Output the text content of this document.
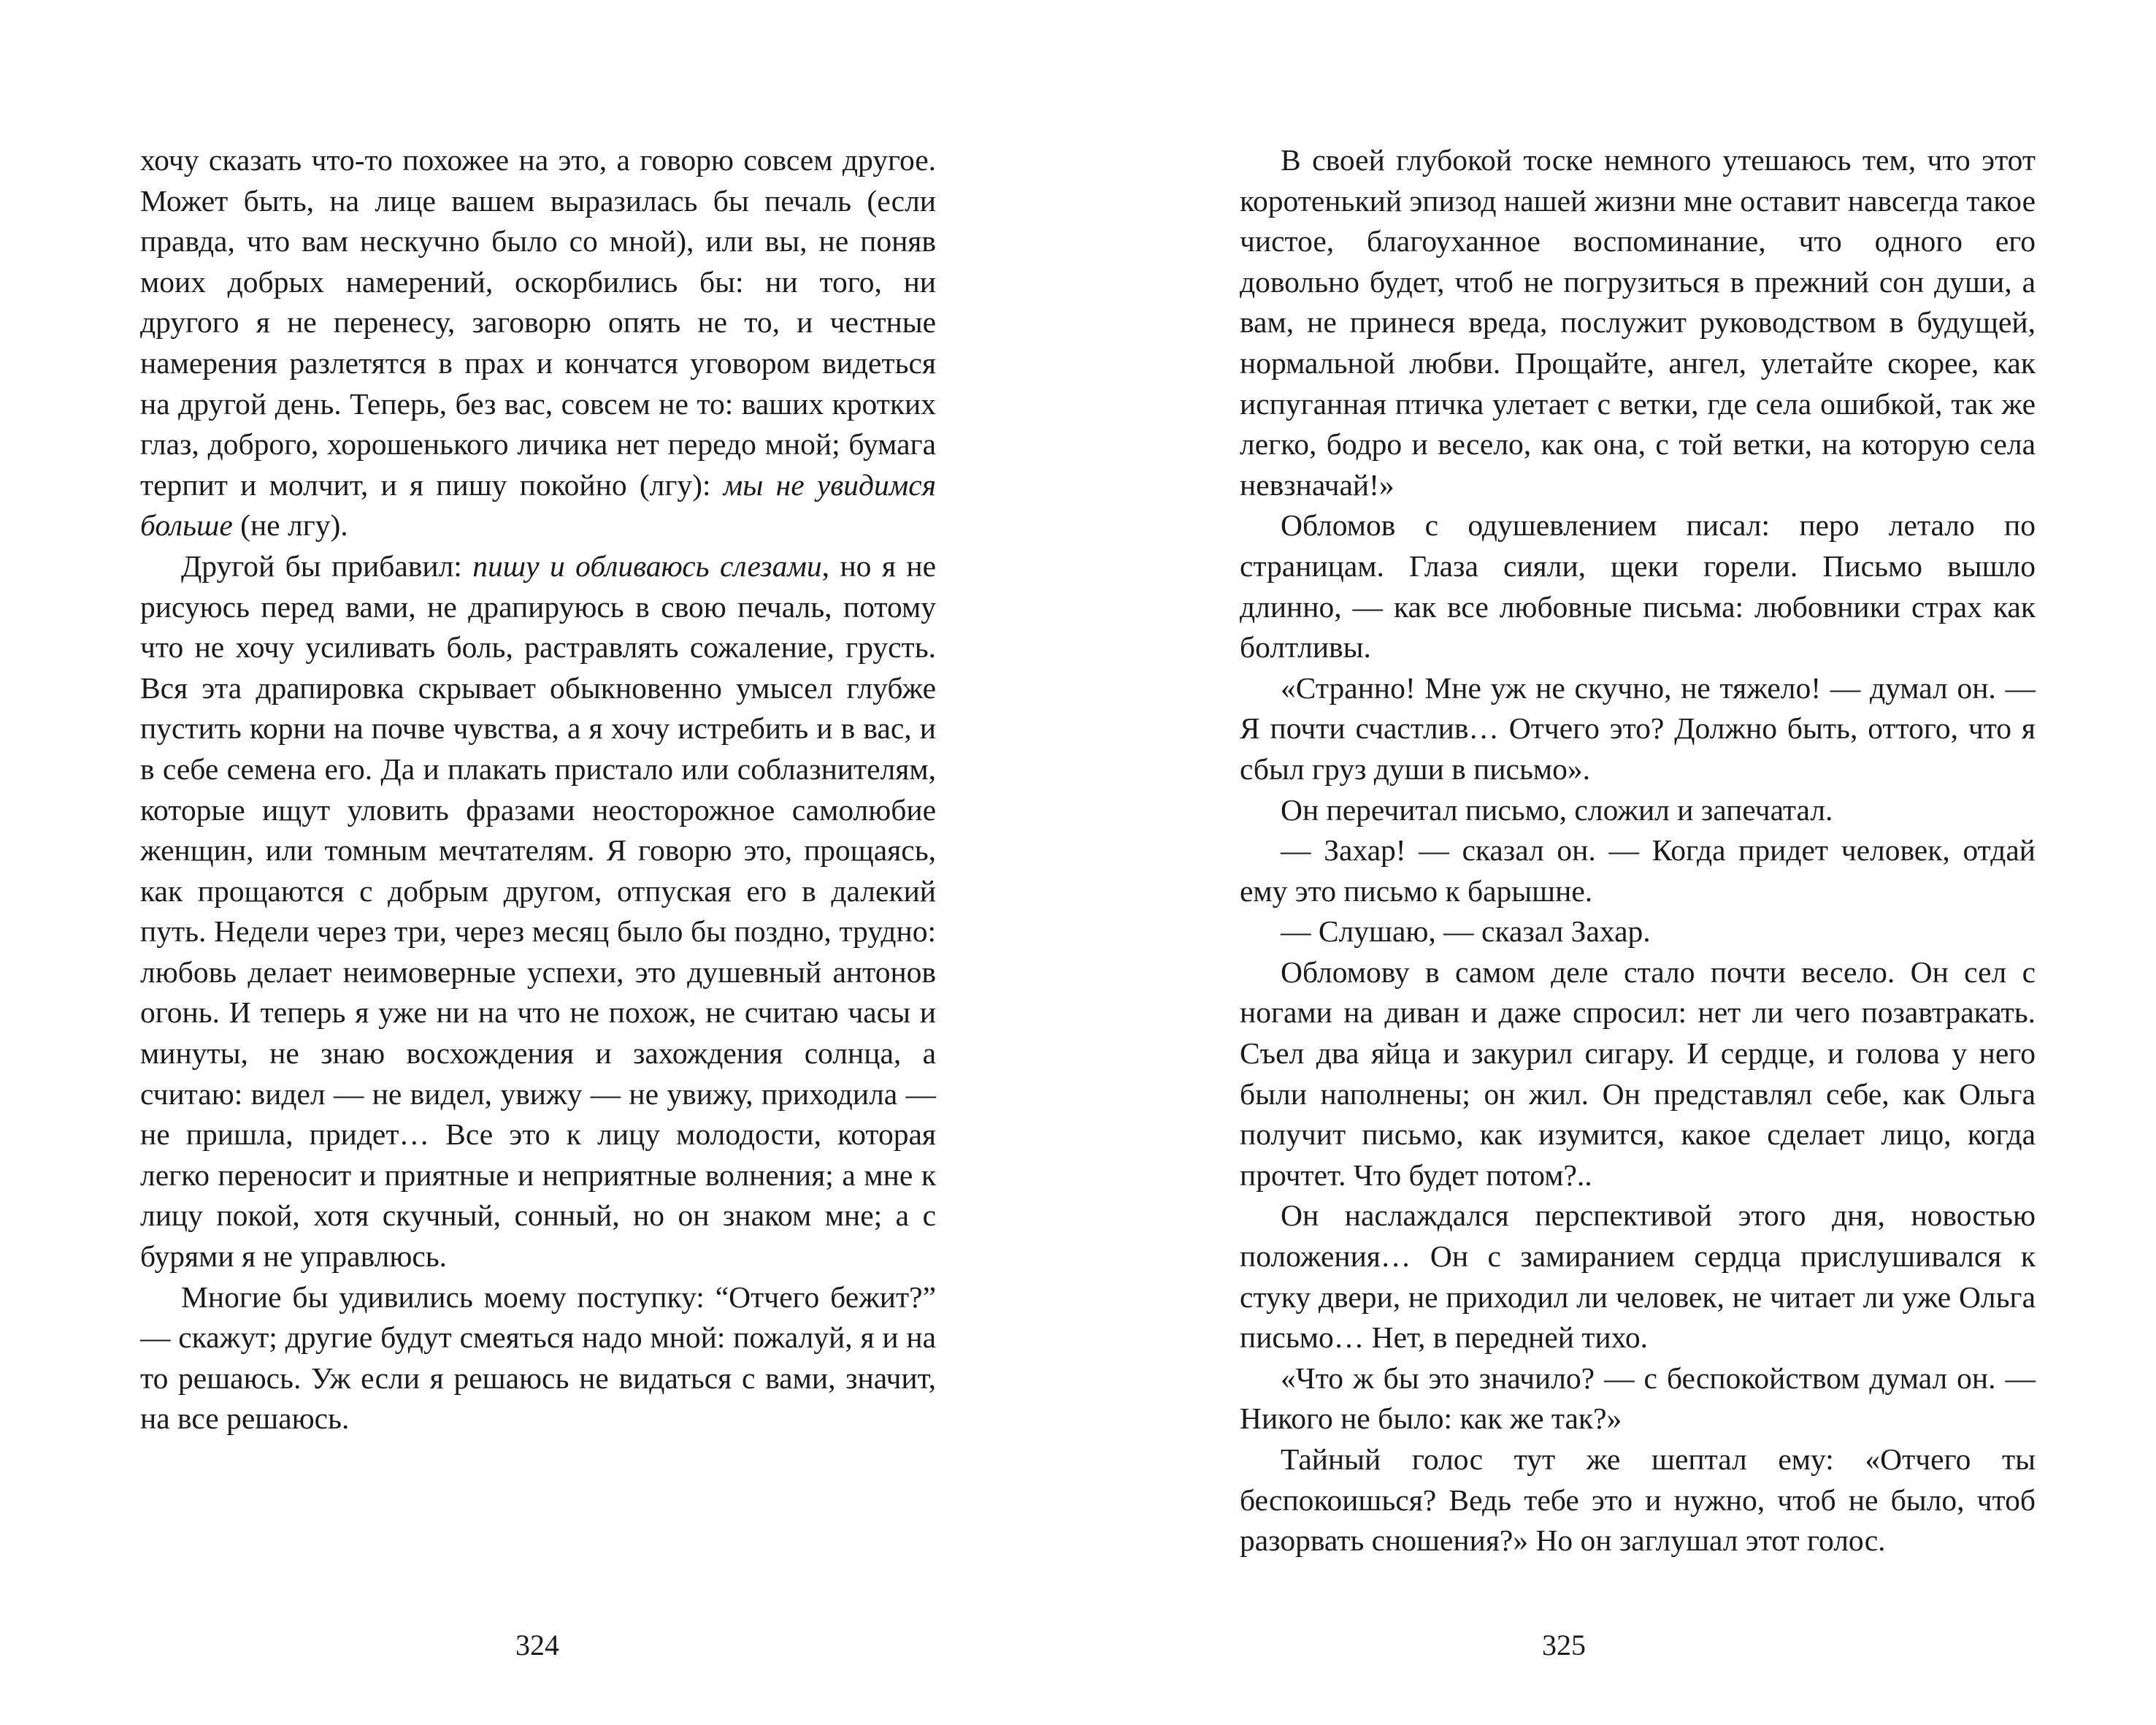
хочу сказать что-то похожее на это, а говорю совсем другое. Может быть, на лице вашем выразилась бы печаль (если правда, что вам нескучно было со мной), или вы, не поняв моих добрых намерений, оскорбились бы: ни того, ни другого я не перенесу, заговорю опять не то, и честные намерения разлетятся в прах и кончатся уговором видеться на другой день. Теперь, без вас, совсем не то: ваших кротких глаз, доброго, хорошенького личика нет передо мной; бумага терпит и молчит, и я пишу покойно (лгу): мы не увидимся больше (не лгу).

Другой бы прибавил: пишу и обливаюсь слезами, но я не рисуюсь перед вами, не драпируюсь в свою печаль, потому что не хочу усиливать боль, растравлять сожаление, грусть. Вся эта драпировка скрывает обыкновенно умысел глубже пустить корни на почве чувства, а я хочу истребить и в вас, и в себе семена его. Да и плакать пристало или соблазнителям, которые ищут уловить фразами неосторожное самолюбие женщин, или томным мечтателям. Я говорю это, прощаясь, как прощаются с добрым другом, отпуская его в далекий путь. Недели через три, через месяц было бы поздно, трудно: любовь делает неимоверные успехи, это душевный антонов огонь. И теперь я уже ни на что не похож, не считаю часы и минуты, не знаю восхождения и захождения солнца, а считаю: видел — не видел, увижу — не увижу, приходила — не пришла, придет… Все это к лицу молодости, которая легко переносит и приятные и неприятные волнения; а мне к лицу покой, хотя скучный, сонный, но он знаком мне; а с бурями я не управлюсь.

Многие бы удивились моему поступку: “Отчего бежит?” — скажут; другие будут смеяться надо мной: пожалуй, я и на то решаюсь. Уж если я решаюсь не видаться с вами, значит, на все решаюсь.

324

В своей глубокой тоске немного утешаюсь тем, что этот коротенький эпизод нашей жизни мне оставит навсегда такое чистое, благоуханное воспоминание, что одного его довольно будет, чтоб не погрузиться в прежний сон души, а вам, не принеся вреда, послужит руководством в будущей, нормальной любви. Прощайте, ангел, улетайте скорее, как испуганная птичка улетает с ветки, где села ошибкой, так же легко, бодро и весело, как она, с той ветки, на которую села невзначай!»

Обломов с одушевлением писал: перо летало по страницам. Глаза сияли, щеки горели. Письмо вышло длинно, — как все любовные письма: любовники страх как болтливы.

«Странно! Мне уж не скучно, не тяжело! — думал он. — Я почти счастлив… Отчего это? Должно быть, оттого, что я сбыл груз души в письмо».

Он перечитал письмо, сложил и запечатал.

— Захар! — сказал он. — Когда придет человек, отдай ему это письмо к барышне.

— Слушаю, — сказал Захар.

Обломову в самом деле стало почти весело. Он сел с ногами на диван и даже спросил: нет ли чего позавтракать. Съел два яйца и закурил сигару. И сердце, и голова у него были наполнены; он жил. Он представлял себе, как Ольга получит письмо, как изумится, какое сделает лицо, когда прочтет. Что будет потом?..

Он наслаждался перспективой этого дня, новостью положения… Он с замиранием сердца прислушивался к стуку двери, не приходил ли человек, не читает ли уже Ольга письмо… Нет, в передней тихо.

«Что ж бы это значило? — с беспокойством думал он. — Никого не было: как же так?»

Тайный голос тут же шептал ему: «Отчего ты беспокоишься? Ведь тебе это и нужно, чтоб не было, чтоб разорвать сношения?» Но он заглушал этот голос.

325
